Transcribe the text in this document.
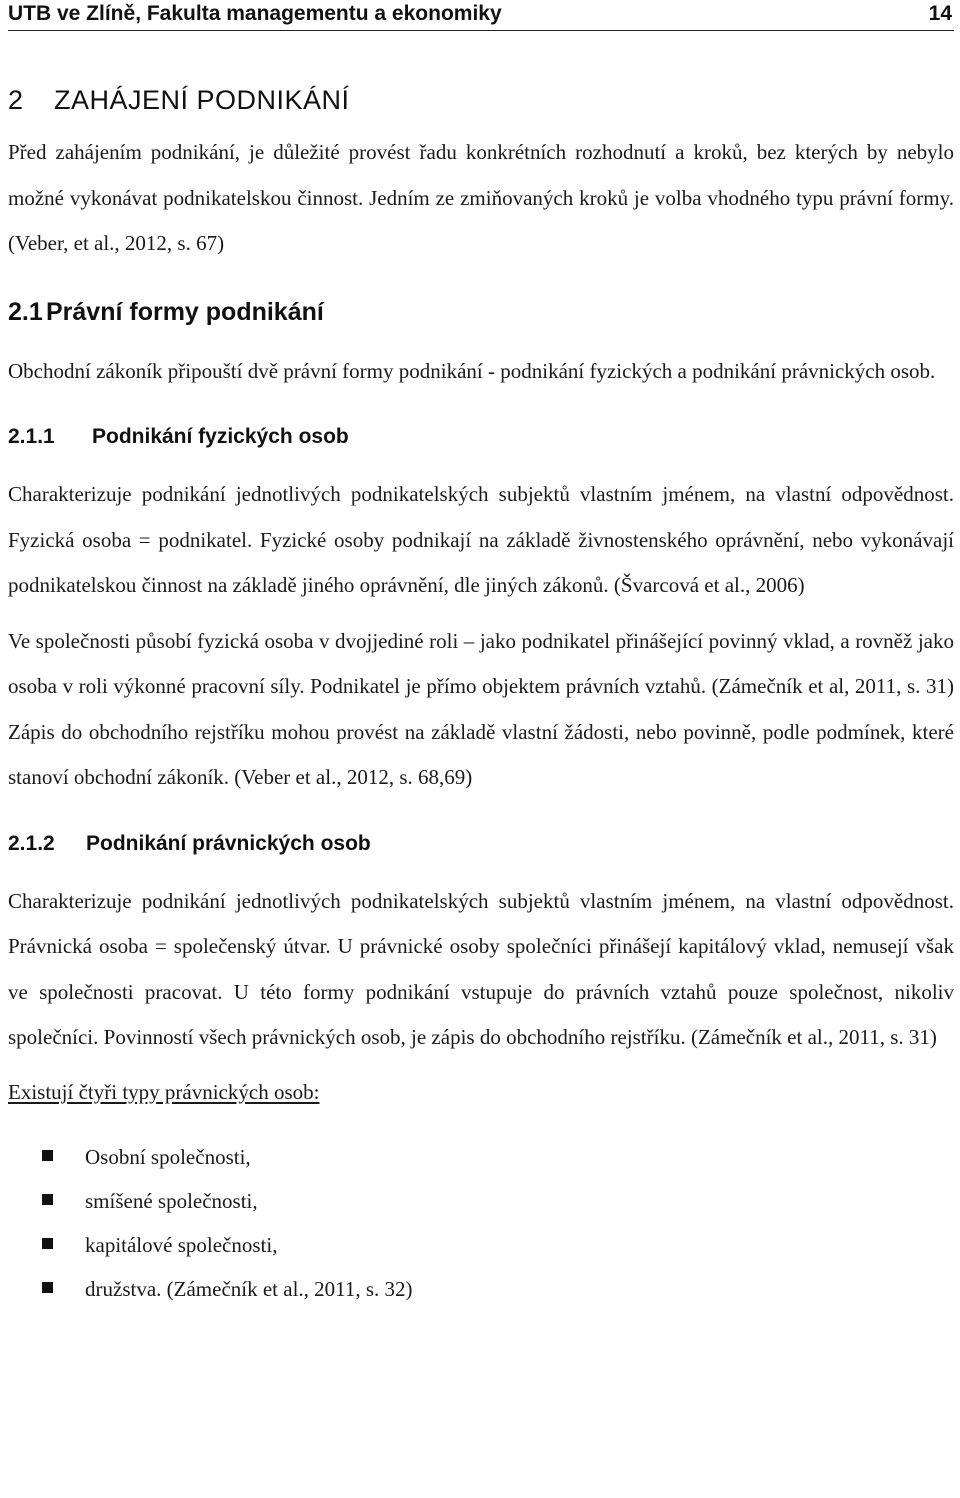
UTB ve Zlíně, Fakulta managementu a ekonomiky	14
2 ZAHÁJENÍ PODNIKÁNÍ

Před zahájením podnikání, je důležité provést řadu konkrétních rozhodnutí a kroků, bez kterých by nebylo možné vykonávat podnikatelskou činnost. Jedním ze zmiňovaných kroků je volba vhodného typu právní formy. (Veber, et al., 2012, s. 67)

2.1 Právní formy podnikání

Obchodní zákoník připouští dvě právní formy podnikání - podnikání fyzických a podnikání právnických osob.

2.1.1 Podnikání fyzických osob

Charakterizuje podnikání jednotlivých podnikatelských subjektů vlastním jménem, na vlastní odpovědnost. Fyzická osoba = podnikatel. Fyzické osoby podnikají na základě živnostenského oprávnění, nebo vykonávají podnikatelskou činnost na základě jiného oprávnění, dle jiných zákonů. (Švarcová et al., 2006)

Ve společnosti působí fyzická osoba v dvojjediné roli – jako podnikatel přinášející povinný vklad, a rovněž jako osoba v roli výkonné pracovní síly. Podnikatel je přímo objektem právních vztahů. (Zámečník et al, 2011, s. 31) Zápis do obchodního rejstříku mohou provést na základě vlastní žádosti, nebo povinně, podle podmínek, které stanoví obchodní zákoník. (Veber et al., 2012, s. 68,69)

2.1.2 Podnikání právnických osob

Charakterizuje podnikání jednotlivých podnikatelských subjektů vlastním jménem, na vlastní odpovědnost. Právnická osoba = společenský útvar. U právnické osoby společníci přinášejí kapitálový vklad, nemusejí však ve společnosti pracovat. U této formy podnikání vstupuje do právních vztahů pouze společnost, nikoliv společníci. Povinností všech právnických osob, je zápis do obchodního rejstříku. (Zámečník et al., 2011, s. 31)

Existují čtyři typy právnických osob:

Osobní společnosti,
smíšené společnosti,
kapitálové společnosti,
družstva. (Zámečník et al., 2011, s. 32)
